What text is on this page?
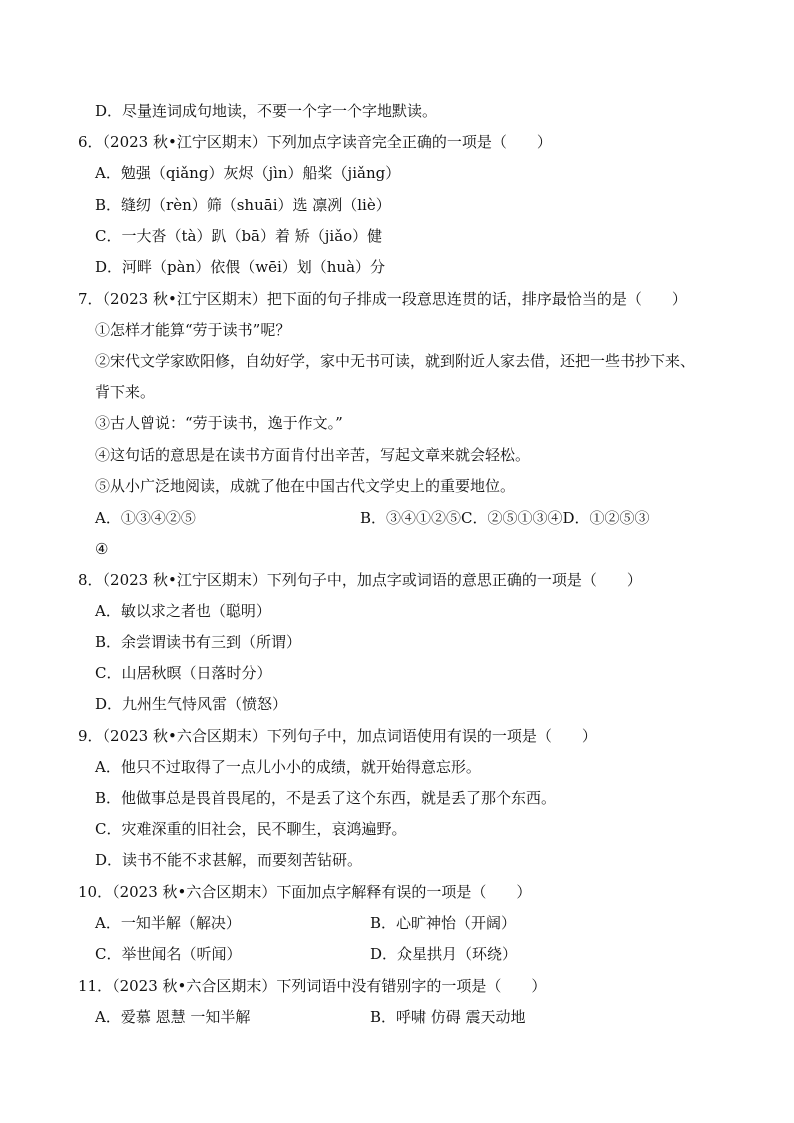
D．尽量连词成句地读，不要一个字一个字地默读。
6．（2023 秋•江宁区期末）下列加点字读音完全正确的一项是（　　）
A．勉强（qiǎng）灰烬（jìn）船桨（jiǎng）
B．缝纫（rèn）筛（shuāi）选 凛冽（liè）
C．一大沓（tà）趴（bā）着 矫（jiǎo）健
D．河畔（pàn）依偎（wēi）划（huà）分
7．（2023 秋•江宁区期末）把下面的句子排成一段意思连贯的话，排序最恰当的是（　　）
①怎样才能算“劳于读书”呢？
②宋代文学家欧阳修，自幼好学，家中无书可读，就到附近人家去借，还把一些书抄下来、
背下来。
③古人曾说：“劳于读书，逸于作文。”
④这句话的意思是在读书方面肯付出辛苦，写起文章来就会轻松。
⑤从小广泛地阅读，成就了他在中国古代文学史上的重要地位。
A．①③④②⑤	B．③④①②⑤C．②⑤①③④D．①②⑤③
④
8．（2023 秋•江宁区期末）下列句子中，加点字或词语的意思正确的一项是（　　）
A．敏以求之者也（聪明）
B．余尝谓读书有三到（所谓）
C．山居秋暝（日落时分）
D．九州生气恃风雷（愤怒）
9．（2023 秋•六合区期末）下列句子中，加点词语使用有误的一项是（　　）
A．他只不过取得了一点儿小小的成绩，就开始得意忘形。
B．他做事总是畏首畏尾的，不是丢了这个东西，就是丢了那个东西。
C．灾难深重的旧社会，民不聊生，哀鸿遍野。
D．读书不能不求甚解，而要刻苦钻研。
10．（2023 秋•六合区期末）下面加点字解释有误的一项是（　　）
A．一知半解（解决）	B．心旷神怡（开阔）
C．举世闻名（听闻）	D．众星拱月（环绕）
11．（2023 秋•六合区期末）下列词语中没有错别字的一项是（　　）
A．爱慕 恩慧 一知半解	B．呼啸 仿碍 震天动地
